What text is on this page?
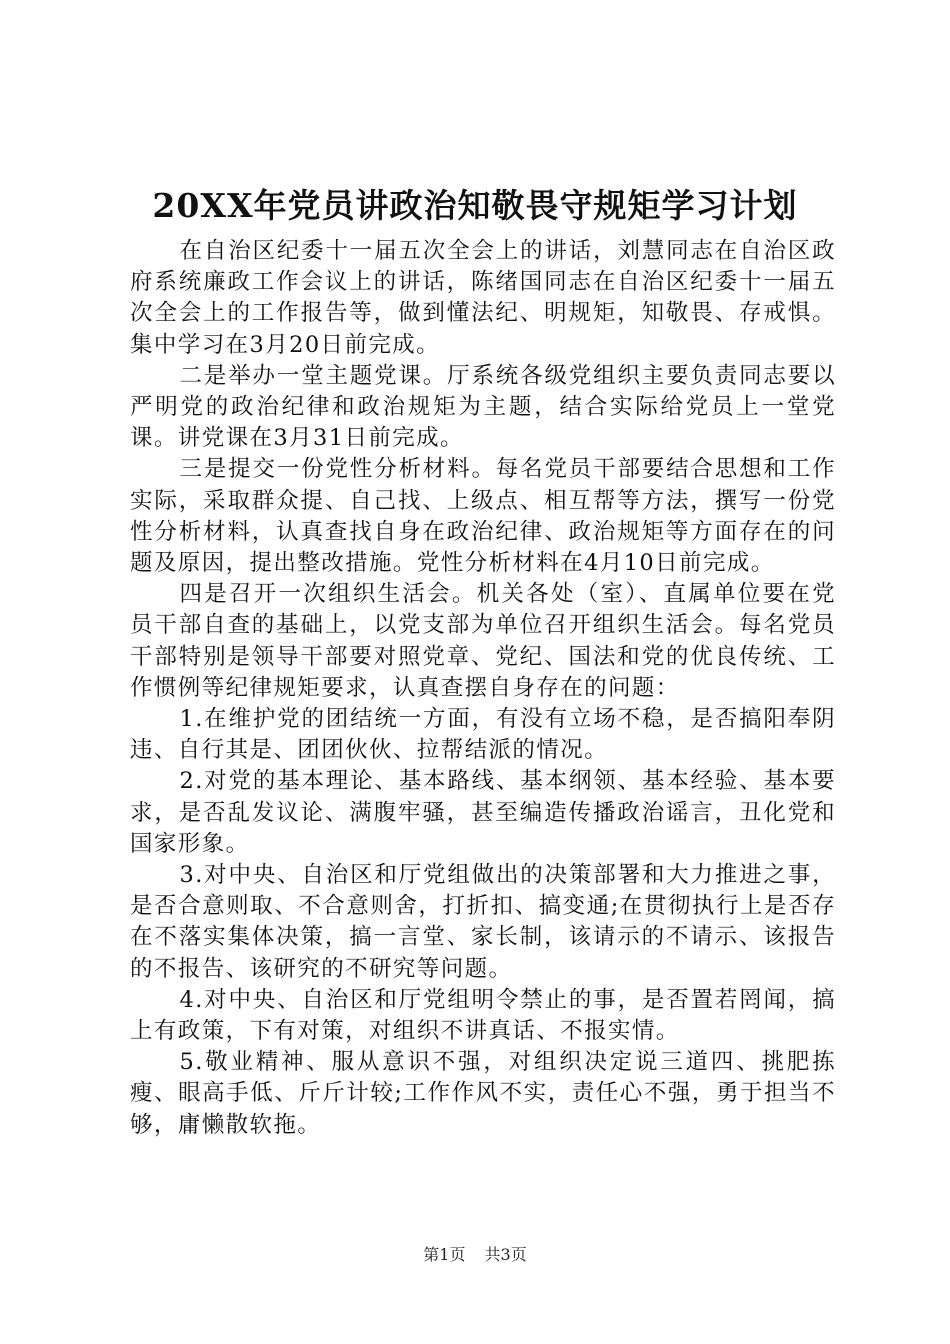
20XX年党员讲政治知敬畏守规矩学习计划

在自治区纪委十一届五次全会上的讲话，刘慧同志在自治区政府系统廉政工作会议上的讲话，陈绪国同志在自治区纪委十一届五次全会上的工作报告等，做到懂法纪、明规矩，知敬畏、存戒惧。集中学习在3月20日前完成。

二是举办一堂主题党课。厅系统各级党组织主要负责同志要以严明党的政治纪律和政治规矩为主题，结合实际给党员上一堂党课。讲党课在3月31日前完成。

三是提交一份党性分析材料。每名党员干部要结合思想和工作实际，采取群众提、自己找、上级点、相互帮等方法，撰写一份党性分析材料，认真查找自身在政治纪律、政治规矩等方面存在的问题及原因，提出整改措施。党性分析材料在4月10日前完成。

四是召开一次组织生活会。机关各处（室）、直属单位要在党员干部自查的基础上，以党支部为单位召开组织生活会。每名党员干部特别是领导干部要对照党章、党纪、国法和党的优良传统、工作惯例等纪律规矩要求，认真查摆自身存在的问题：

1.在维护党的团结统一方面，有没有立场不稳，是否搞阳奉阴违、自行其是、团团伙伙、拉帮结派的情况。

2.对党的基本理论、基本路线、基本纲领、基本经验、基本要求，是否乱发议论、满腹牢骚，甚至编造传播政治谣言，丑化党和国家形象。

3.对中央、自治区和厅党组做出的决策部署和大力推进之事，是否合意则取、不合意则舍，打折扣、搞变通;在贯彻执行上是否存在不落实集体决策，搞一言堂、家长制，该请示的不请示、该报告的不报告、该研究的不研究等问题。

4.对中央、自治区和厅党组明令禁止的事，是否置若罔闻，搞上有政策，下有对策，对组织不讲真话、不报实情。

5.敬业精神、服从意识不强，对组织决定说三道四、挑肥拣瘦、眼高手低、斤斤计较;工作作风不实，责任心不强，勇于担当不够，庸懒散软拖。

第1页 共3页
